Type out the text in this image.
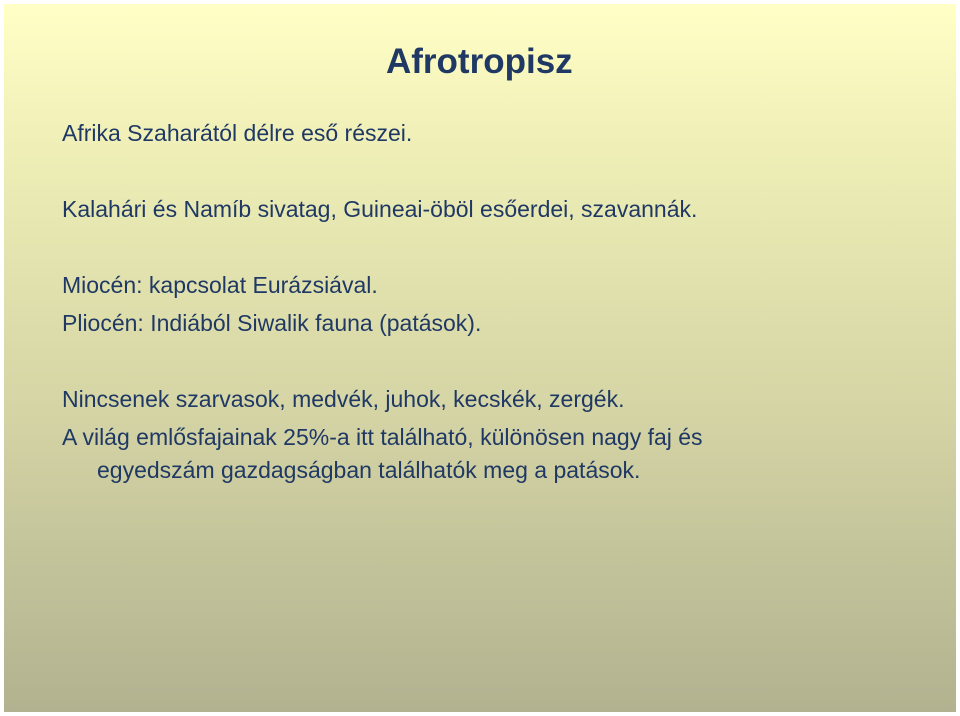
Afrotropisz
Afrika Szaharától délre eső részei.
Kalahári és Namíb sivatag, Guineai-öböl esőerdei, szavannák.
Miocén: kapcsolat Eurázsiával.
Pliocén: Indiából Siwalik fauna (patások).
Nincsenek szarvasok, medvék, juhok, kecskék, zergék.
A világ emlősfajainak 25%-a itt található, különösen nagy faj és
egyedszám gazdagságban találhatók meg a patások.
